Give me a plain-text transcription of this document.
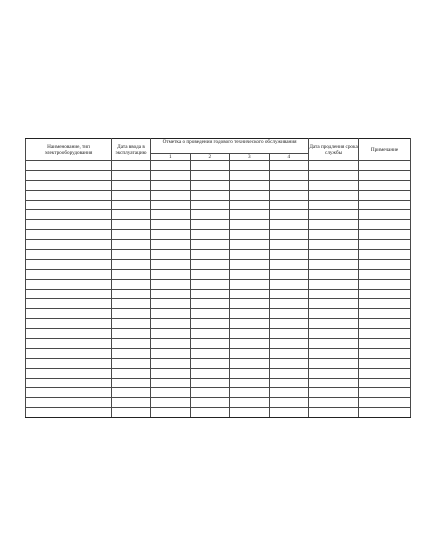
Наименование, тип электрооборудования	Дата ввода в эксплуатацию	Отметка о проведении годового технического обслуживания				Дата продления срока службы	Примечание
		1	2	3	4		
